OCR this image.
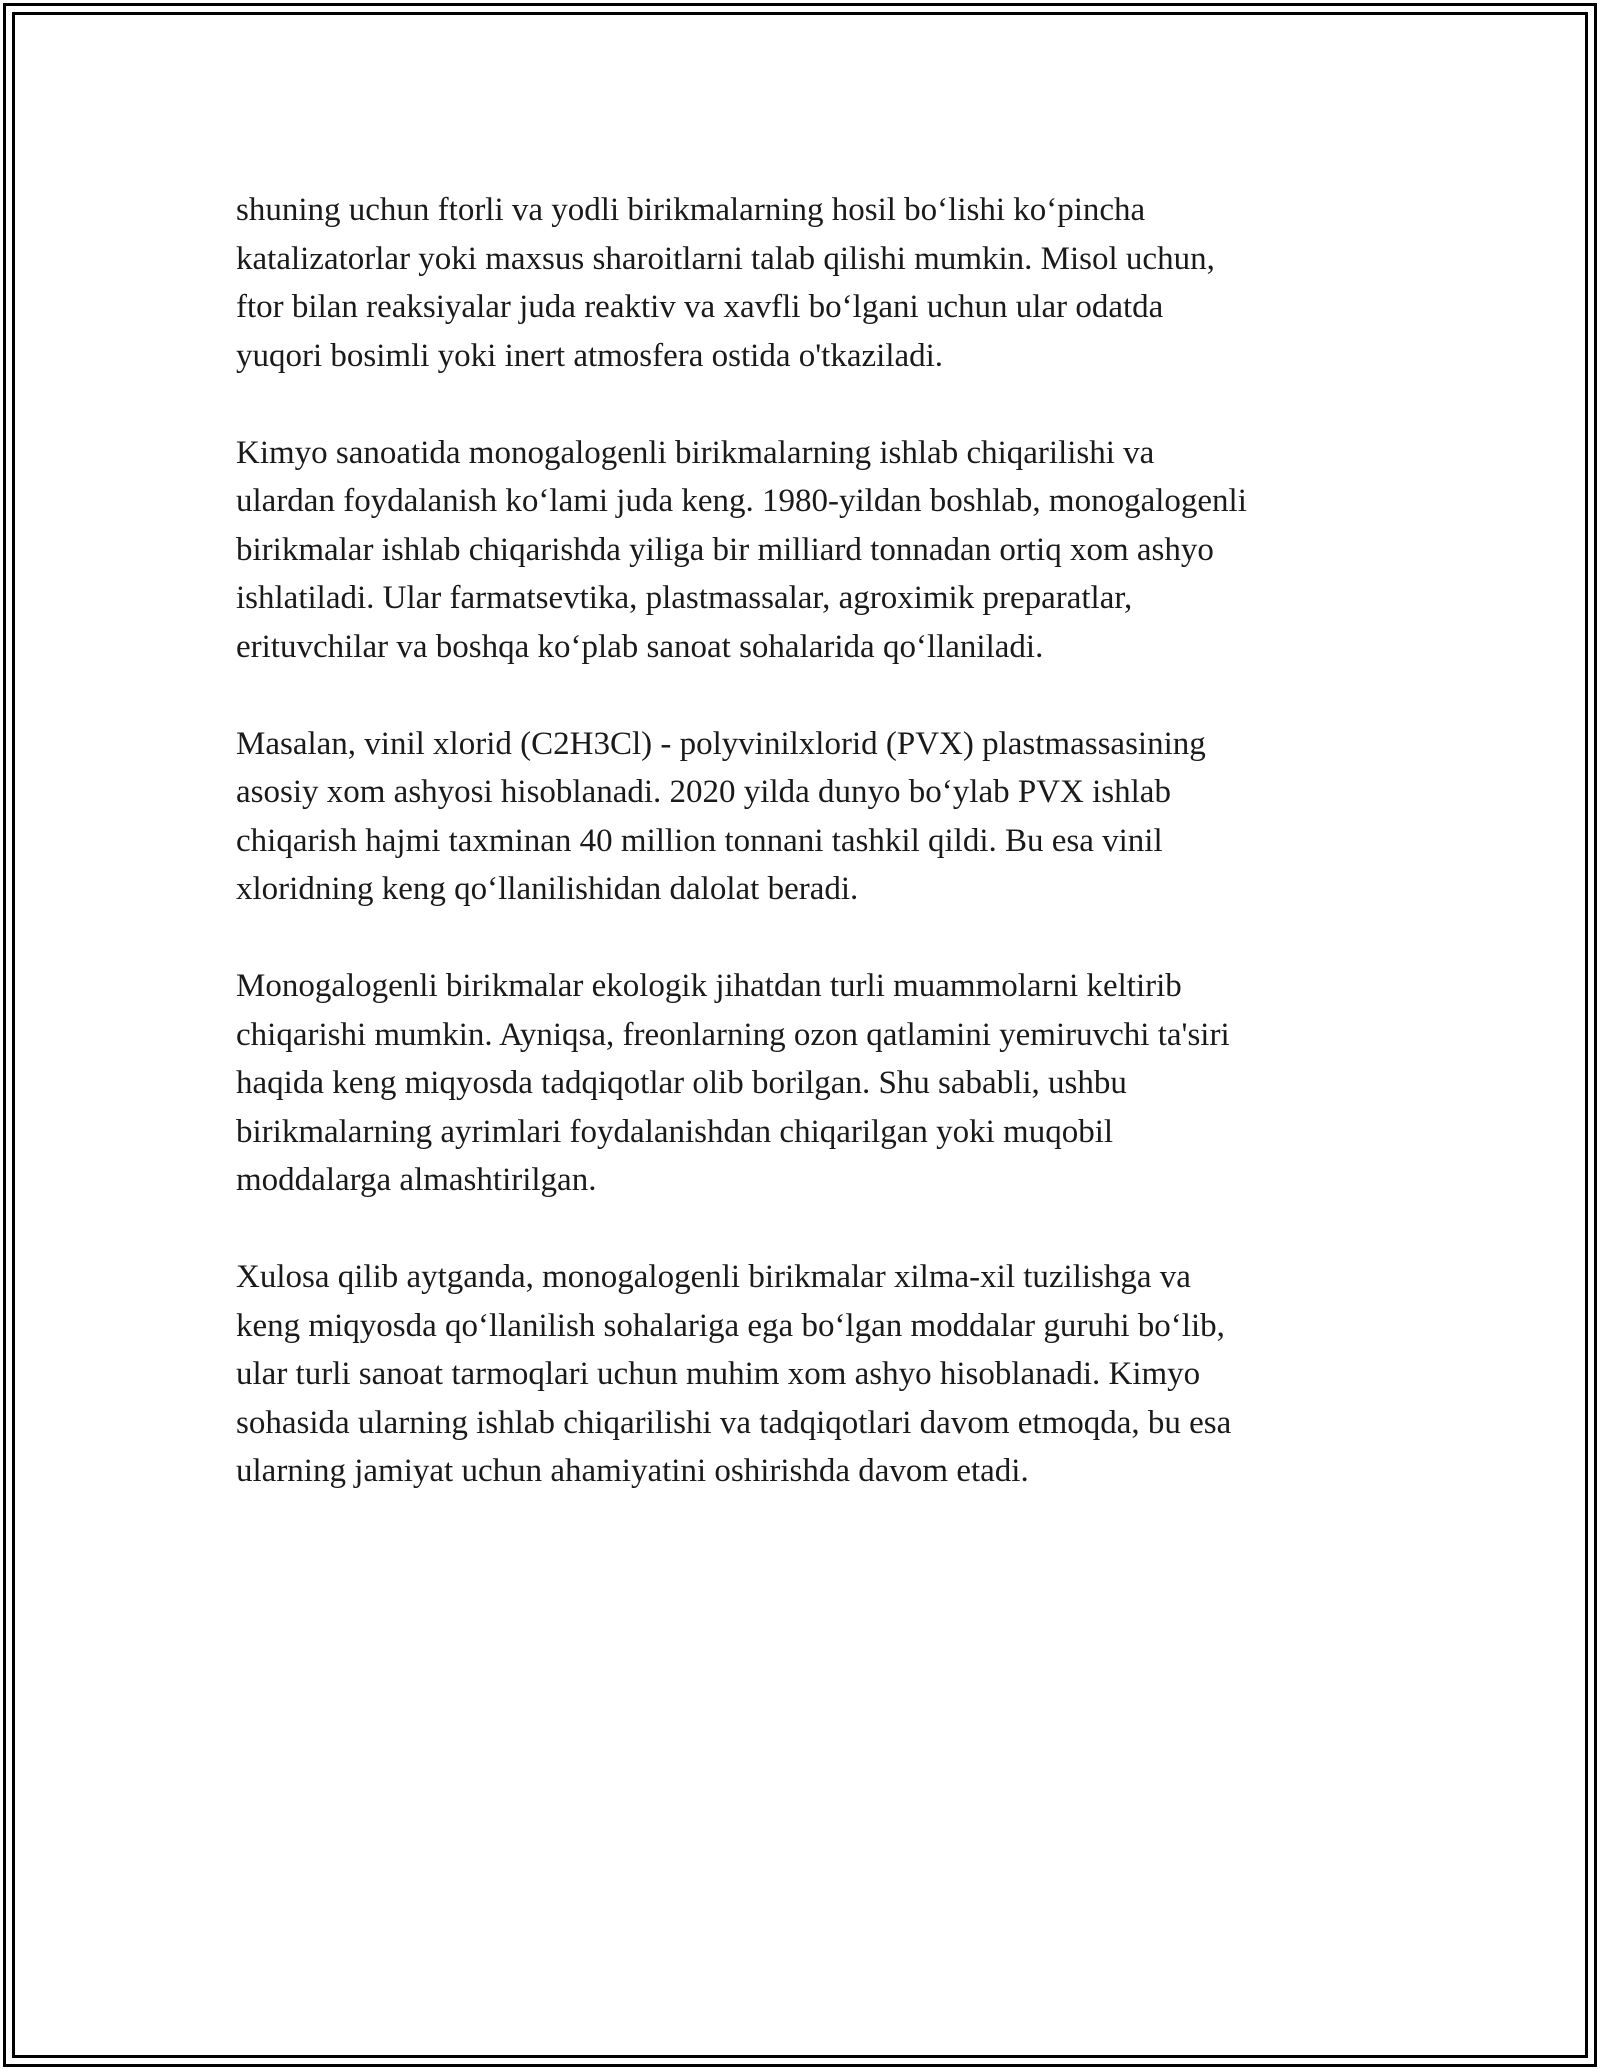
shuning uchun ftorli va yodli birikmalarning hosil bo‘lishi ko‘pincha
katalizatorlar yoki maxsus sharoitlarni talab qilishi mumkin. Misol uchun,
ftor bilan reaksiyalar juda reaktiv va xavfli bo‘lgani uchun ular odatda
yuqori bosimli yoki inert atmosfera ostida o'tkaziladi.

Kimyo sanoatida monogalogenli birikmalarning ishlab chiqarilishi va
ulardan foydalanish ko‘lami juda keng. 1980-yildan boshlab, monogalogenli
birikmalar ishlab chiqarishda yiliga bir milliard tonnadan ortiq xom ashyo
ishlatiladi. Ular farmatsevtika, plastmassalar, agroximik preparatlar,
erituvchilar va boshqa ko‘plab sanoat sohalarida qo‘llaniladi.

Masalan, vinil xlorid (C2H3Cl) - polyvinilxlorid (PVX) plastmassasining
asosiy xom ashyosi hisoblanadi. 2020 yilda dunyo bo‘ylab PVX ishlab
chiqarish hajmi taxminan 40 million tonnani tashkil qildi. Bu esa vinil
xloridning keng qo‘llanilishidan dalolat beradi.

Monogalogenli birikmalar ekologik jihatdan turli muammolarni keltirib
chiqarishi mumkin. Ayniqsa, freonlarning ozon qatlamini yemiruvchi ta'siri
haqida keng miqyosda tadqiqotlar olib borilgan. Shu sababli, ushbu
birikmalarning ayrimlari foydalanishdan chiqarilgan yoki muqobil
moddalarga almashtirilgan.

Xulosa qilib aytganda, monogalogenli birikmalar xilma-xil tuzilishga va
keng miqyosda qo‘llanilish sohalariga ega bo‘lgan moddalar guruhi bo‘lib,
ular turli sanoat tarmoqlari uchun muhim xom ashyo hisoblanadi. Kimyo
sohasida ularning ishlab chiqarilishi va tadqiqotlari davom etmoqda, bu esa
ularning jamiyat uchun ahamiyatini oshirishda davom etadi.
